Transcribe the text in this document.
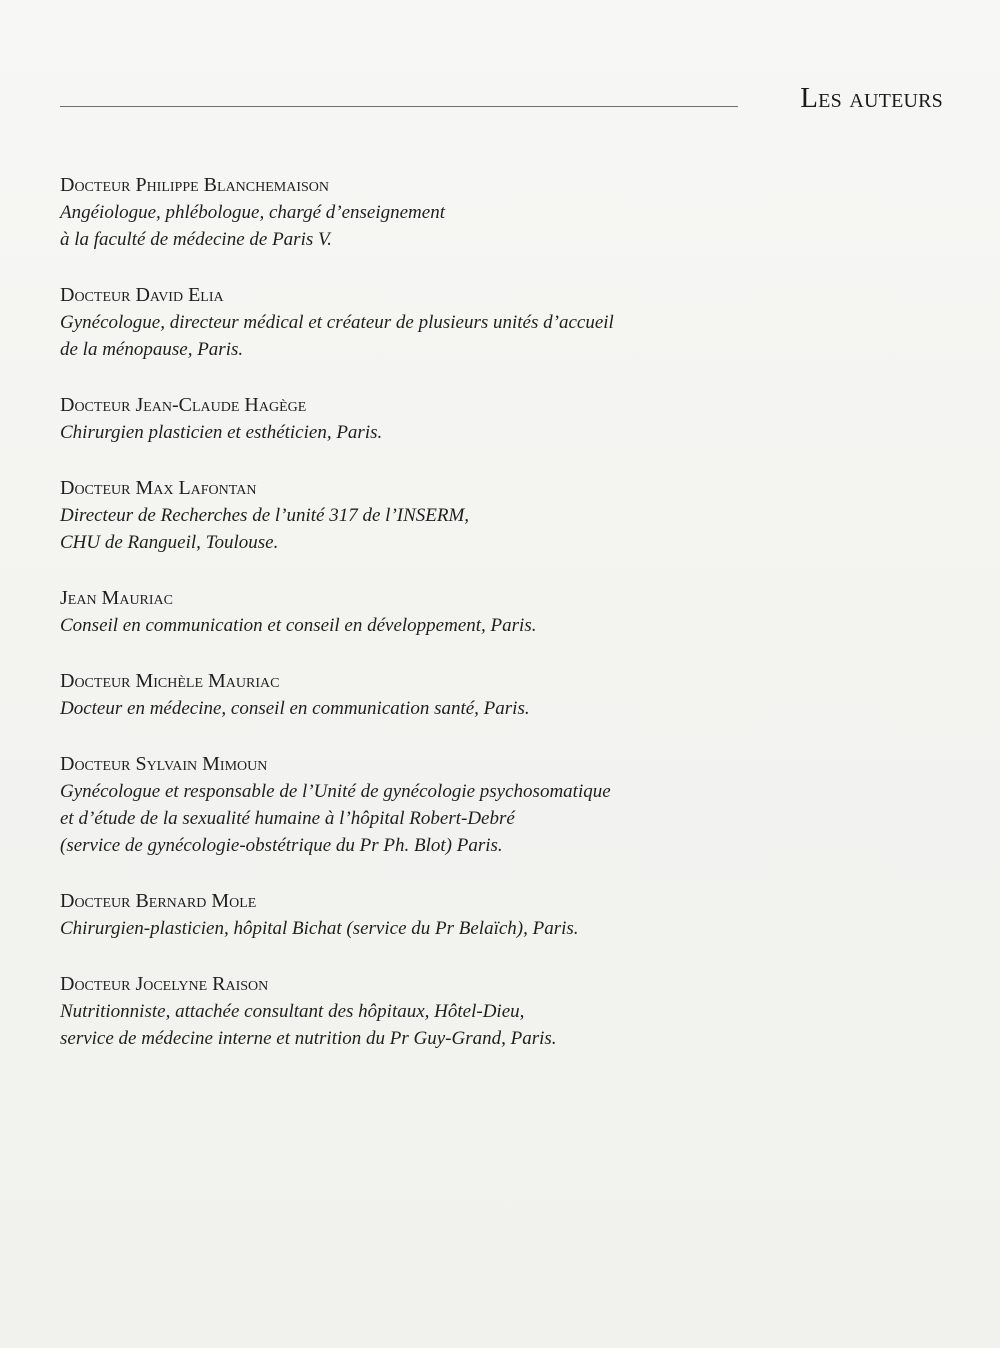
Les auteurs
Docteur Philippe Blanchemaison
Angéiologue, phlébologue, chargé d’enseignement
à la faculté de médecine de Paris V.
Docteur David Elia
Gynécologue, directeur médical et créateur de plusieurs unités d’accueil
de la ménopause, Paris.
Docteur Jean-Claude Hagège
Chirurgien plasticien et esthéticien, Paris.
Docteur Max Lafontan
Directeur de Recherches de l’unité 317 de l’INSERM,
CHU de Rangueil, Toulouse.
Jean Mauriac
Conseil en communication et conseil en développement, Paris.
Docteur Michèle Mauriac
Docteur en médecine, conseil en communication santé, Paris.
Docteur Sylvain Mimoun
Gynécologue et responsable de l’Unité de gynécologie psychosomatique
et d’étude de la sexualité humaine à l’hôpital Robert-Debré
(service de gynécologie-obstétrique du Pr Ph. Blot) Paris.
Docteur Bernard Mole
Chirurgien-plasticien, hôpital Bichat (service du Pr Belaïch), Paris.
Docteur Jocelyne Raison
Nutritionniste, attachée consultant des hôpitaux, Hôtel-Dieu,
service de médecine interne et nutrition du Pr Guy-Grand, Paris.
